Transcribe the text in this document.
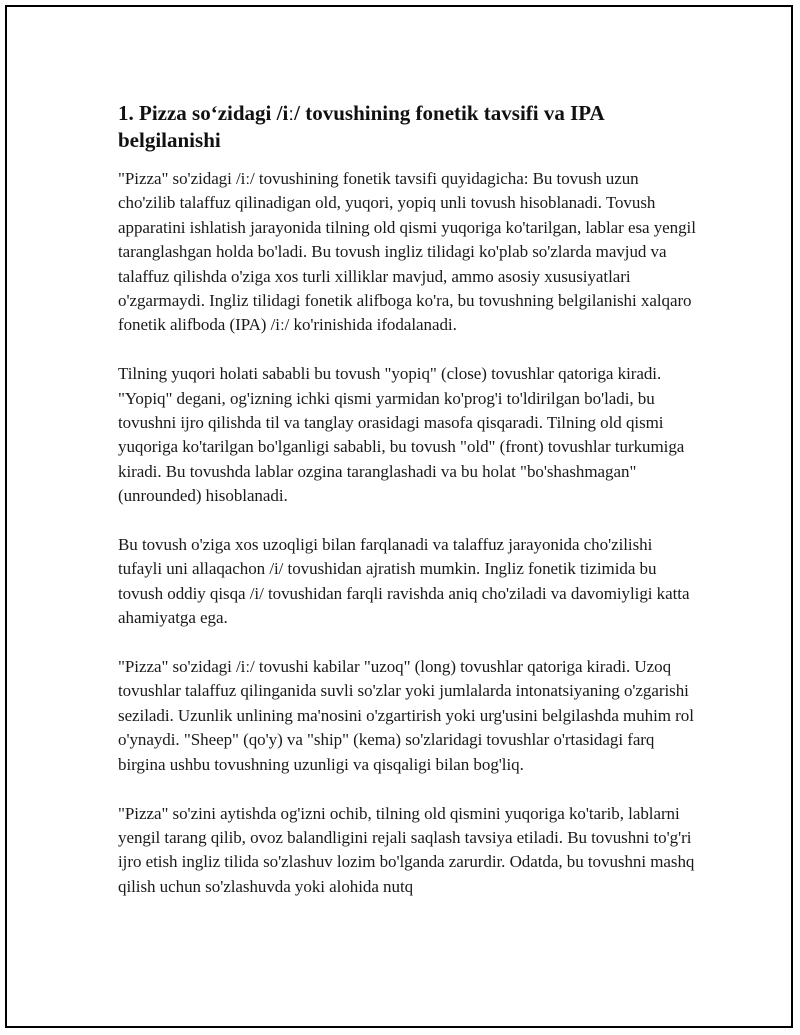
1. Pizza so‘zidagi /iː/ tovushining fonetik tavsifi va IPA belgilanishi

"Pizza" so'zidagi /iː/ tovushining fonetik tavsifi quyidagicha: Bu tovush uzun cho'zilib talaffuz qilinadigan old, yuqori, yopiq unli tovush hisoblanadi. Tovush apparatini ishlatish jarayonida tilning old qismi yuqoriga ko'tarilgan, lablar esa yengil taranglashgan holda bo'ladi. Bu tovush ingliz tilidagi ko'plab so'zlarda mavjud va talaffuz qilishda o'ziga xos turli xilliklar mavjud, ammo asosiy xususiyatlari o'zgarmaydi. Ingliz tilidagi fonetik alifboga ko'ra, bu tovushning belgilanishi xalqaro fonetik alifboda (IPA) /iː/ ko'rinishida ifodalanadi.

Tilning yuqori holati sababli bu tovush "yopiq" (close) tovushlar qatoriga kiradi. "Yopiq" degani, og'izning ichki qismi yarmidan ko'prog'i to'ldirilgan bo'ladi, bu tovushni ijro qilishda til va tanglay orasidagi masofa qisqaradi. Tilning old qismi yuqoriga ko'tarilgan bo'lganligi sababli, bu tovush "old" (front) tovushlar turkumiga kiradi. Bu tovushda lablar ozgina taranglashadi va bu holat "bo'shashmagan" (unrounded) hisoblanadi.

Bu tovush o'ziga xos uzoqligi bilan farqlanadi va talaffuz jarayonida cho'zilishi tufayli uni allaqachon /i/ tovushidan ajratish mumkin. Ingliz fonetik tizimida bu tovush oddiy qisqa /i/ tovushidan farqli ravishda aniq cho'ziladi va davomiyligi katta ahamiyatga ega.

"Pizza" so'zidagi /iː/ tovushi kabilar "uzoq" (long) tovushlar qatoriga kiradi. Uzoq tovushlar talaffuz qilinganida suvli so'zlar yoki jumlalarda intonatsiyaning o'zgarishi seziladi. Uzunlik unlining ma'nosini o'zgartirish yoki urg'usini belgilashda muhim rol o'ynaydi. "Sheep" (qo'y) va "ship" (kema) so'zlaridagi tovushlar o'rtasidagi farq birgina ushbu tovushning uzunligi va qisqaligi bilan bog'liq.

"Pizza" so'zini aytishda og'izni ochib, tilning old qismini yuqoriga ko'tarib, lablarni yengil tarang qilib, ovoz balandligini rejali saqlash tavsiya etiladi. Bu tovushni to'g'ri ijro etish ingliz tilida so'zlashuv lozim bo'lganda zarurdir. Odatda, bu tovushni mashq qilish uchun so'zlashuvda yoki alohida nutq
